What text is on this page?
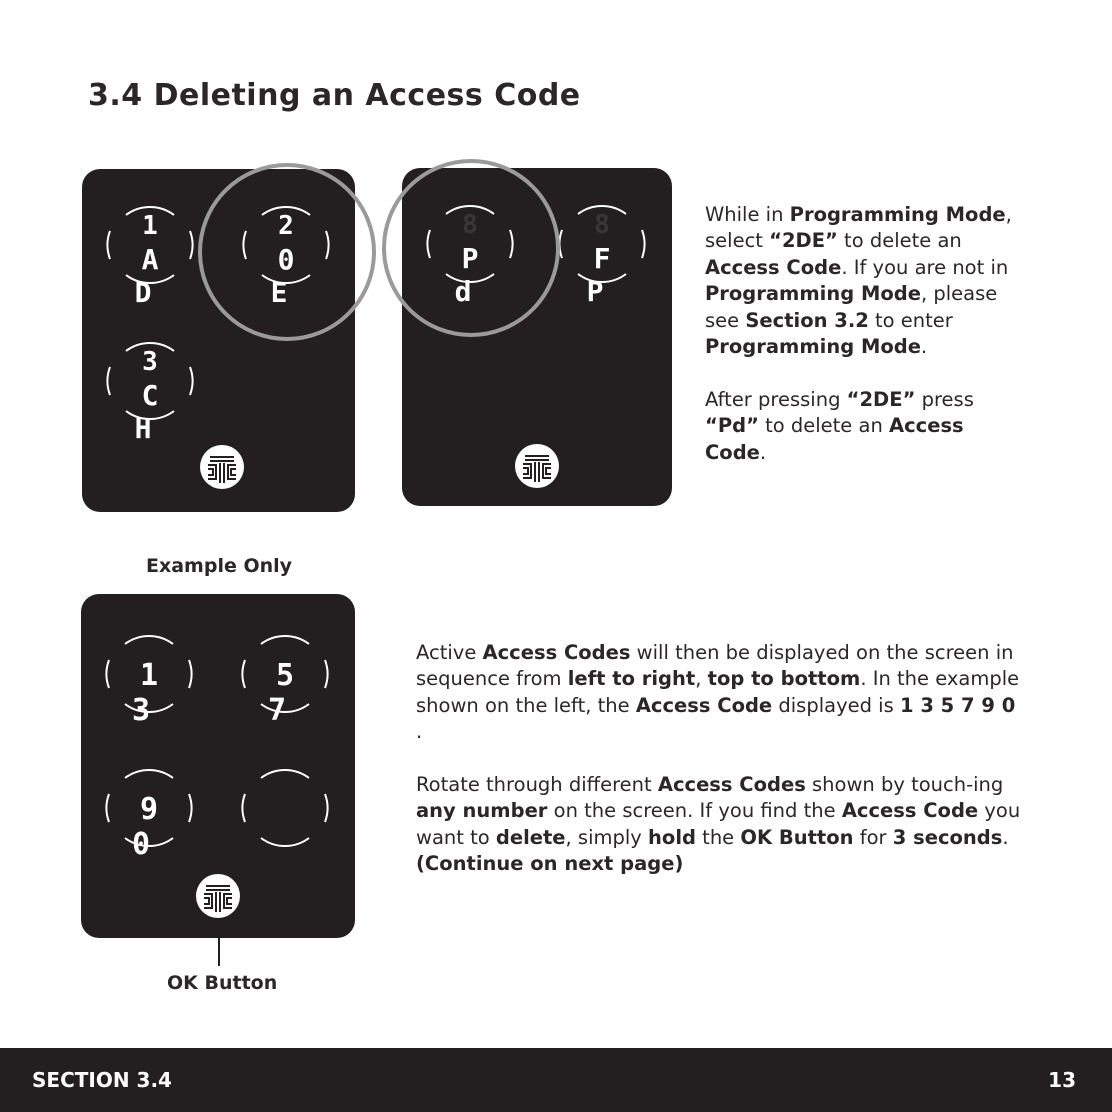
3.4 Deleting an Access Code
1
A D
2
0 E
3
C H
8
P d
8
F P
While in Programming Mode, select “2DE” to delete an Access Code. If you are not in Programming Mode, please see Section 3.2 to enter Programming Mode.
After pressing “2DE” press “Pd” to delete an Access Code.
Example Only
1 3
5 7
9 0
OK Button
Active Access Codes will then be displayed on the screen in sequence from left to right, top to bottom. In the example shown on the left, the Access Code displayed is 1 3 5 7 9 0 .
Rotate through different Access Codes shown by touch-ing any number on the screen. If you find the Access Code you want to delete, simply hold the OK Button for 3 seconds. (Continue on next page)
SECTION 3.4	13
